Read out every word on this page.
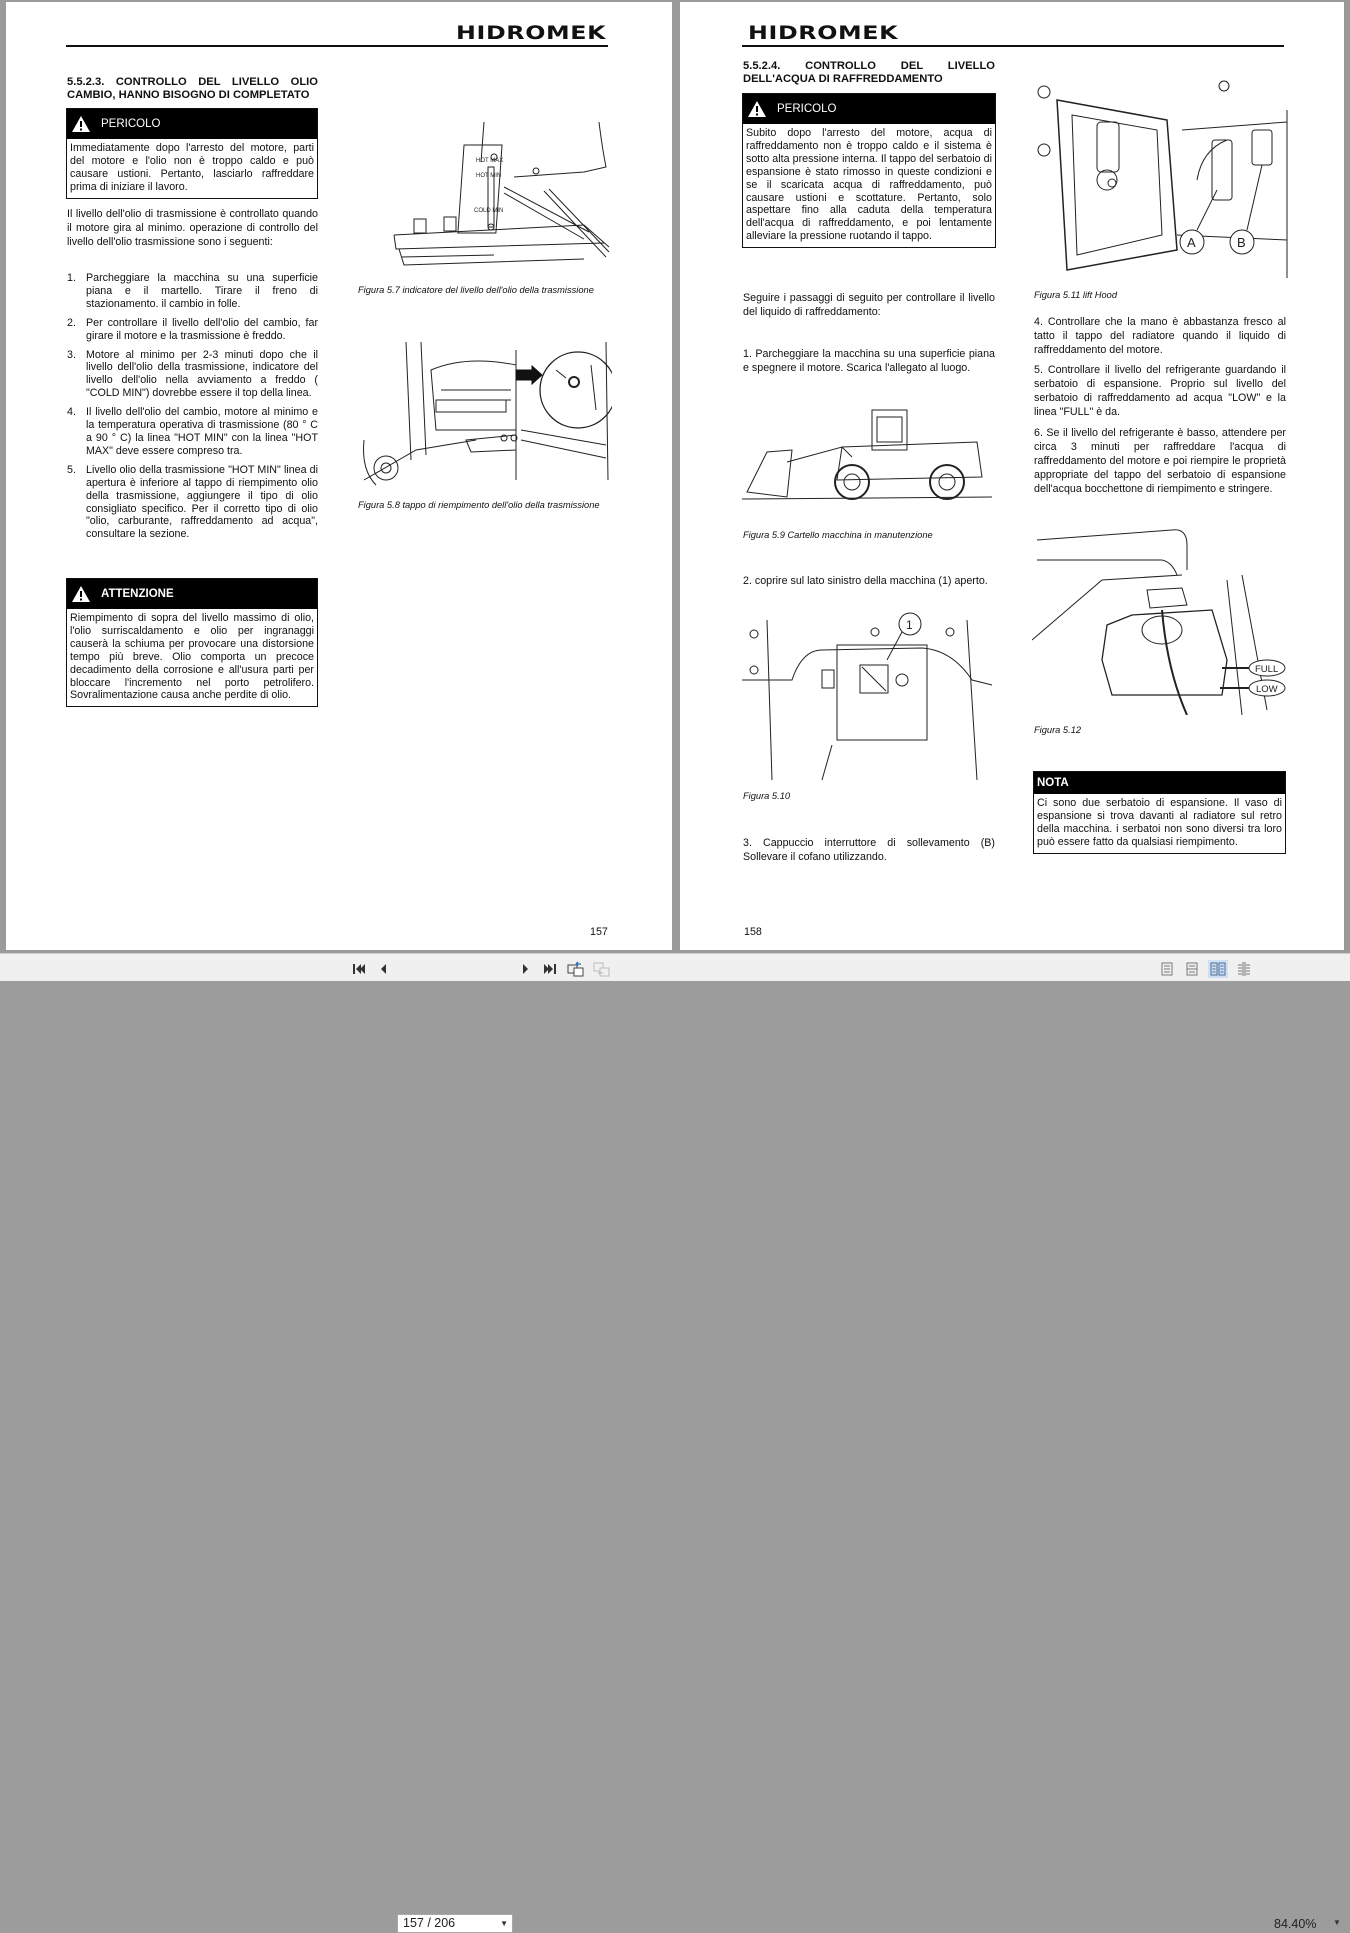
HIDROMEK
5.5.2.3. CONTROLLO DEL LIVELLO OLIO CAMBIO, HANNO BISOGNO DI COMPLETATO
PERICOLO
Immediatamente dopo l'arresto del motore, parti del motore e l'olio non è troppo caldo e può causare ustioni. Pertanto, lasciarlo raffreddare prima di iniziare il lavoro.
Il livello dell'olio di trasmissione è controllato quando il motore gira al minimo. operazione di controllo del livello dell'olio trasmissione sono i seguenti:
1. Parcheggiare la macchina su una superficie piana e il martello. Tirare il freno di stazionamento. il cambio in folle.
2. Per controllare il livello dell'olio del cambio, far girare il motore e la trasmissione è freddo.
3. Motore al minimo per 2-3 minuti dopo che il livello dell'olio della trasmissione, indicatore del livello dell'olio nella avviamento a freddo ( "COLD MIN") dovrebbe essere il top della linea.
4. Il livello dell'olio del cambio, motore al minimo e la temperatura operativa di trasmissione (80 ° C a 90 ° C) la linea "HOT MIN" con la linea "HOT MAX" deve essere compreso tra.
5. Livello olio della trasmissione "HOT MIN" linea di apertura è inferiore al tappo di riempimento olio della trasmissione, aggiungere il tipo di olio consigliato specifico. Per il corretto tipo di olio "olio, carburante, raffreddamento ad acqua", consultare la sezione.
ATTENZIONE
Riempimento di sopra del livello massimo di olio, l'olio surriscaldamento e olio per ingranaggi causerà la schiuma per provocare una distorsione tempo più breve. Olio comporta un precoce decadimento della corrosione e all'usura parti per bloccare l'incremento nel porto petrolifero. Sovralimentazione causa anche perdite di olio.
HOT MAX
HOT MIN
COLD MIN
Figura 5.7 indicatore del livello dell'olio della trasmissione
Figura 5.8 tappo di riempimento dell'olio della trasmissione
157
HIDROMEK
5.5.2.4. CONTROLLO DEL LIVELLO DELL'ACQUA DI RAFFREDDAMENTO
PERICOLO
Subito dopo l'arresto del motore, acqua di raffreddamento non è troppo caldo e il sistema è sotto alta pressione interna. Il tappo del serbatoio di espansione è stato rimosso in queste condizioni e se il scaricata acqua di raffreddamento, può causare ustioni e scottature. Pertanto, solo aspettare fino alla caduta della temperatura dell'acqua di raffreddamento, e poi lentamente alleviare la pressione ruotando il tappo.
Seguire i passaggi di seguito per controllare il livello del liquido di raffreddamento:
1. Parcheggiare la macchina su una superficie piana e spegnere il motore. Scarica l'allegato al luogo.
Figura 5.9 Cartello macchina in manutenzione
2. coprire sul lato sinistro della macchina (1) aperto.
1
Figura 5.10
3. Cappuccio interruttore di sollevamento (B) Sollevare il cofano utilizzando.
A	B
Figura 5.11 lift Hood
4. Controllare che la mano è abbastanza fresco al tatto il tappo del radiatore quando il liquido di raffreddamento del motore.
5. Controllare il livello del refrigerante guardando il serbatoio di espansione. Proprio sul livello del serbatoio di raffreddamento ad acqua "LOW" e la linea "FULL" è da.
6. Se il livello del refrigerante è basso, attendere per circa 3 minuti per raffreddare l'acqua di raffreddamento del motore e poi riempire le proprietà appropriate del tappo del serbatoio di espansione dell'acqua bocchettone di riempimento e stringere.
FULL
LOW
Figura 5.12
NOTA
Ci sono due serbatoio di espansione. Il vaso di espansione si trova davanti al radiatore sul retro della macchina. i serbatoi non sono diversi tra loro può essere fatto da qualsiasi riempimento.
158
157 / 206	▼	84.40% ▼
